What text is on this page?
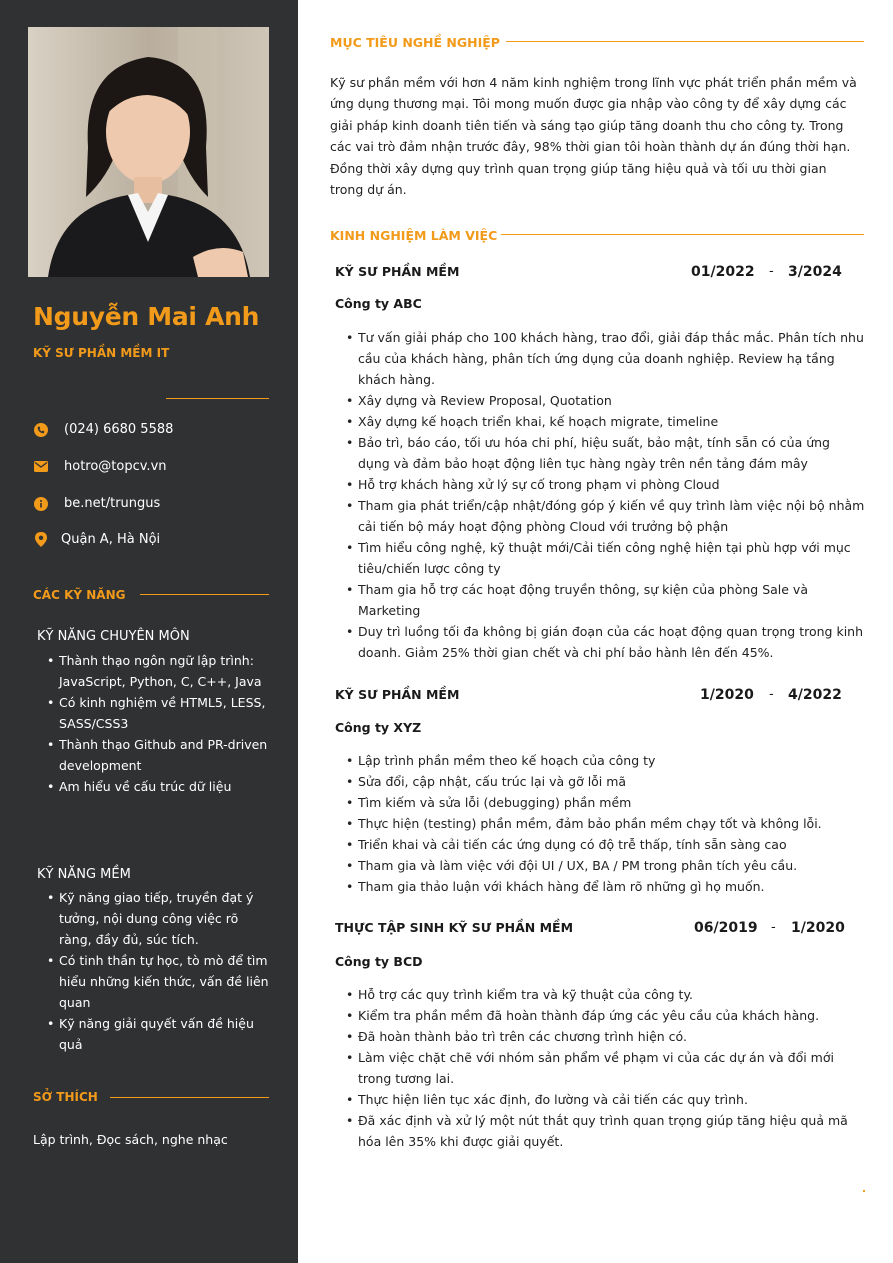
Nguyễn Mai Anh
KỸ SƯ PHẦN MỀM IT
(024) 6680 5588
hotro@topcv.vn
be.net/trungus
Quận A, Hà Nội
CÁC KỸ NĂNG
KỸ NĂNG CHUYÊN MÔN
• Thành thạo ngôn ngữ lập trình: JavaScript, Python, C, C++, Java
• Có kinh nghiệm về HTML5, LESS, SASS/CSS3
• Thành thạo Github and PR-driven development
• Am hiểu về cấu trúc dữ liệu
KỸ NĂNG MỀM
• Kỹ năng giao tiếp, truyền đạt ý tưởng, nội dung công việc rõ ràng, đầy đủ, súc tích.
• Có tinh thần tự học, tò mò để tìm hiểu những kiến thức, vấn đề liên quan
• Kỹ năng giải quyết vấn đề hiệu quả
SỞ THÍCH
Lập trình, Đọc sách, nghe nhạc
MỤC TIÊU NGHỀ NGHIỆP
Kỹ sư phần mềm với hơn 4 năm kinh nghiệm trong lĩnh vực phát triển phần mềm và ứng dụng thương mại. Tôi mong muốn được gia nhập vào công ty để xây dựng các giải pháp kinh doanh tiên tiến và sáng tạo giúp tăng doanh thu cho công ty. Trong các vai trò đảm nhận trước đây, 98% thời gian tôi hoàn thành dự án đúng thời hạn. Đồng thời xây dựng quy trình quan trọng giúp tăng hiệu quả và tối ưu thời gian trong dự án.
KINH NGHIỆM LÀM VIỆC
KỸ SƯ PHẦN MỀM	01/2022 - 3/2024
Công ty ABC
• Tư vấn giải pháp cho 100 khách hàng, trao đổi, giải đáp thắc mắc. Phân tích nhu cầu của khách hàng, phân tích ứng dụng của doanh nghiệp. Review hạ tầng khách hàng.
• Xây dựng và Review Proposal, Quotation
• Xây dựng kế hoạch triển khai, kế hoạch migrate, timeline
• Bảo trì, báo cáo, tối ưu hóa chi phí, hiệu suất, bảo mật, tính sẵn có của ứng dụng và đảm bảo hoạt động liên tục hàng ngày trên nền tảng đám mây
• Hỗ trợ khách hàng xử lý sự cố trong phạm vi phòng Cloud
• Tham gia phát triển/cập nhật/đóng góp ý kiến về quy trình làm việc nội bộ nhằm cải tiến bộ máy hoạt động phòng Cloud với trưởng bộ phận
• Tìm hiểu công nghệ, kỹ thuật mới/Cải tiến công nghệ hiện tại phù hợp với mục tiêu/chiến lược công ty
• Tham gia hỗ trợ các hoạt động truyền thông, sự kiện của phòng Sale và Marketing
• Duy trì luồng tối đa không bị gián đoạn của các hoạt động quan trọng trong kinh doanh. Giảm 25% thời gian chết và chi phí bảo hành lên đến 45%.
KỸ SƯ PHẦN MỀM	1/2020 - 4/2022
Công ty XYZ
• Lập trình phần mềm theo kế hoạch của công ty
• Sửa đổi, cập nhật, cấu trúc lại và gỡ lỗi mã
• Tìm kiếm và sửa lỗi (debugging) phần mềm
• Thực hiện (testing) phần mềm, đảm bảo phần mềm chạy tốt và không lỗi.
• Triển khai và cải tiến các ứng dụng có độ trễ thấp, tính sẵn sàng cao
• Tham gia và làm việc với đội UI / UX, BA / PM trong phân tích yêu cầu.
• Tham gia thảo luận với khách hàng để làm rõ những gì họ muốn.
THỰC TẬP SINH KỸ SƯ PHẦN MỀM	06/2019 - 1/2020
Công ty BCD
• Hỗ trợ các quy trình kiểm tra và kỹ thuật của công ty.
• Kiểm tra phần mềm đã hoàn thành đáp ứng các yêu cầu của khách hàng.
• Đã hoàn thành bảo trì trên các chương trình hiện có.
• Làm việc chặt chẽ với nhóm sản phẩm về phạm vi của các dự án và đổi mới trong tương lai.
• Thực hiện liên tục xác định, đo lường và cải tiến các quy trình.
• Đã xác định và xử lý một nút thắt quy trình quan trọng giúp tăng hiệu quả mã hóa lên 35% khi được giải quyết.
